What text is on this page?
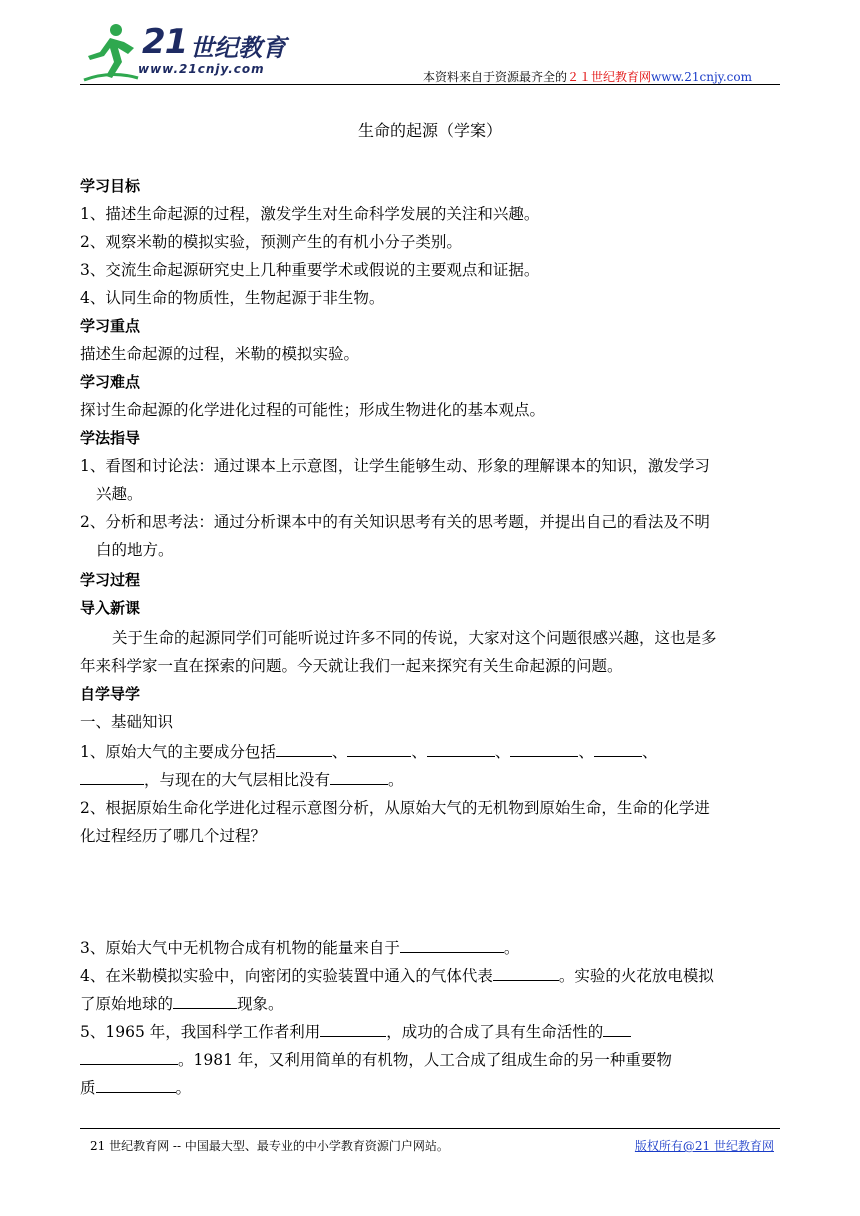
21 世纪教育
www.21cnjy.com
本资料来自于资源最齐全的２１世纪教育网www.21cnjy.com
生命的起源（学案）
学习目标
1、描述生命起源的过程，激发学生对生命科学发展的关注和兴趣。
2、观察米勒的模拟实验，预测产生的有机小分子类别。
3、交流生命起源研究史上几种重要学术或假说的主要观点和证据。
4、认同生命的物质性，生物起源于非生物。
学习重点
描述生命起源的过程，米勒的模拟实验。
学习难点
探讨生命起源的化学进化过程的可能性；形成生物进化的基本观点。
学法指导
1、看图和讨论法：通过课本上示意图，让学生能够生动、形象的理解课本的知识，激发学习
兴趣。
2、分析和思考法：通过分析课本中的有关知识思考有关的思考题，并提出自己的看法及不明
白的地方。
学习过程
导入新课
关于生命的起源同学们可能听说过许多不同的传说，大家对这个问题很感兴趣，这也是多
年来科学家一直在探索的问题。今天就让我们一起来探究有关生命起源的问题。
自学导学
一、基础知识
1、原始大气的主要成分包括	、	、	、	、	、
，与现在的大气层相比没有	。
2、根据原始生命化学进化过程示意图分析，从原始大气的无机物到原始生命，生命的化学进
化过程经历了哪几个过程？
3、原始大气中无机物合成有机物的能量来自于	。
4、在米勒模拟实验中，向密闭的实验装置中通入的气体代表	。实验的火花放电模拟
了原始地球的	现象。
5、1965 年，我国科学工作者利用	，成功的合成了具有生命活性的
。1981 年，又利用简单的有机物，人工合成了组成生命的另一种重要物
质	。
21 世纪教育网 -- 中国最大型、最专业的中小学教育资源门户网站。	版权所有@21 世纪教育网
